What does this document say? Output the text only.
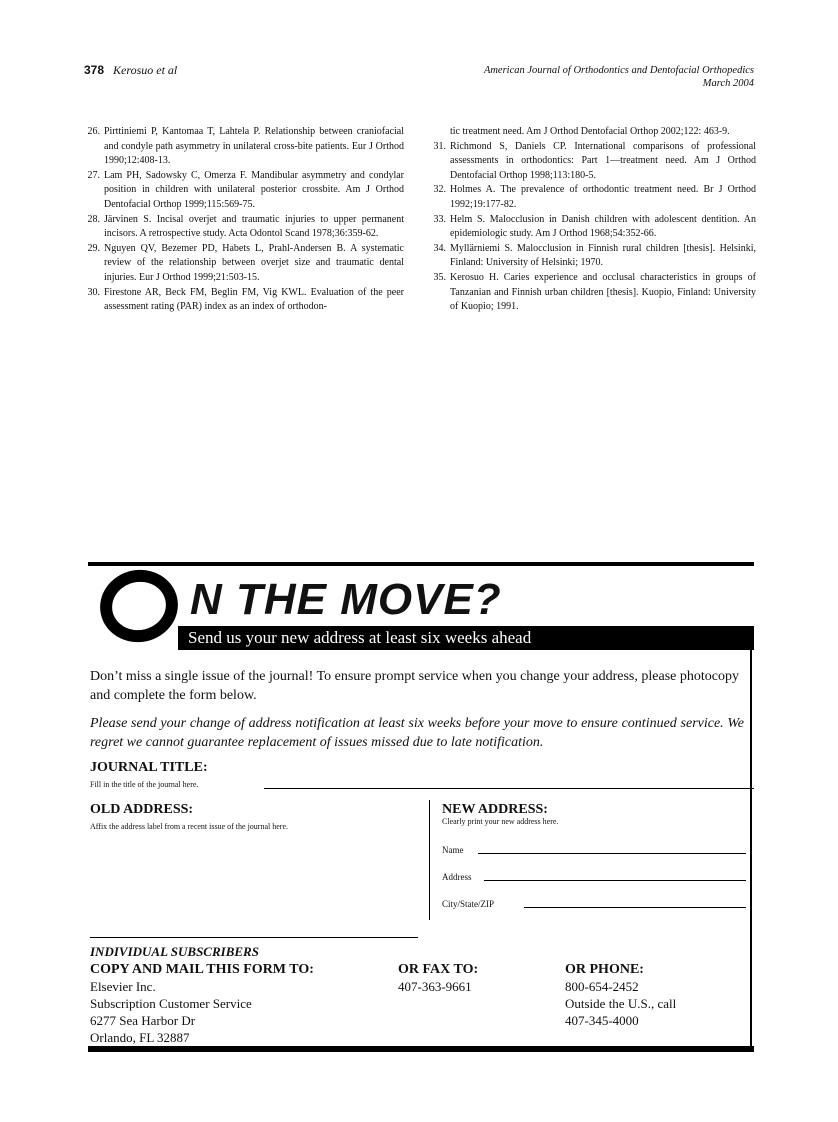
378 Kerosuo et al	American Journal of Orthodontics and Dentofacial Orthopedics
March 2004
26. Pirttiniemi P, Kantomaa T, Lahtela P. Relationship between craniofacial and condyle path asymmetry in unilateral cross-bite patients. Eur J Orthod 1990;12:408-13.
27. Lam PH, Sadowsky C, Omerza F. Mandibular asymmetry and condylar position in children with unilateral posterior crossbite. Am J Orthod Dentofacial Orthop 1999;115:569-75.
28. Järvinen S. Incisal overjet and traumatic injuries to upper permanent incisors. A retrospective study. Acta Odontol Scand 1978;36:359-62.
29. Nguyen QV, Bezemer PD, Habets L, Prahl-Andersen B. A systematic review of the relationship between overjet size and traumatic dental injuries. Eur J Orthod 1999;21:503-15.
30. Firestone AR, Beck FM, Beglin FM, Vig KWL. Evaluation of the peer assessment rating (PAR) index as an index of orthodon-
tic treatment need. Am J Orthod Dentofacial Orthop 2002;122: 463-9.
31. Richmond S, Daniels CP. International comparisons of professional assessments in orthodontics: Part 1—treatment need. Am J Orthod Dentofacial Orthop 1998;113:180-5.
32. Holmes A. The prevalence of orthodontic treatment need. Br J Orthod 1992;19:177-82.
33. Helm S. Malocclusion in Danish children with adolescent dentition. An epidemiologic study. Am J Orthod 1968;54:352-66.
34. Myllärniemi S. Malocclusion in Finnish rural children [thesis]. Helsinki, Finland: University of Helsinki; 1970.
35. Kerosuo H. Caries experience and occlusal characteristics in groups of Tanzanian and Finnish urban children [thesis]. Kuopio, Finland: University of Kuopio; 1991.
N THE MOVE?
Send us your new address at least six weeks ahead
Don’t miss a single issue of the journal! To ensure prompt service when you change your address, please photocopy and complete the form below.
Please send your change of address notification at least six weeks before your move to ensure continued service. We regret we cannot guarantee replacement of issues missed due to late notification.
JOURNAL TITLE:
Fill in the title of the journal here.
OLD ADDRESS:
Affix the address label from a recent issue of the journal here.
NEW ADDRESS:
Clearly print your new address here.
Name
Address
City/State/ZIP
INDIVIDUAL SUBSCRIBERS
COPY AND MAIL THIS FORM TO:
Elsevier Inc.
Subscription Customer Service
6277 Sea Harbor Dr
Orlando, FL 32887
OR FAX TO:
407-363-9661
OR PHONE:
800-654-2452
Outside the U.S., call
407-345-4000
